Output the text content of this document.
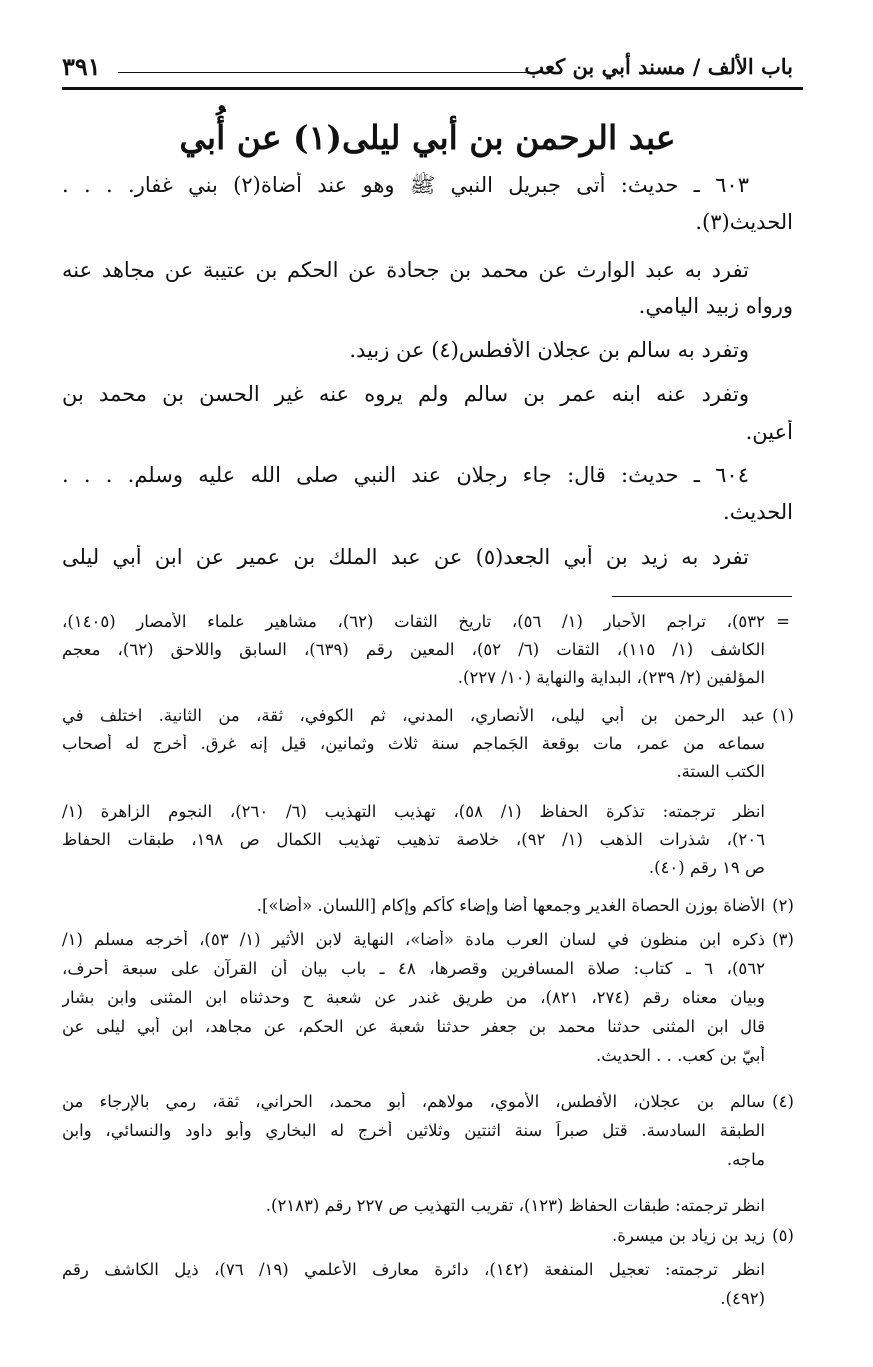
باب الألف / مسند أبي بن كعب
٣٩١
عبد الرحمن بن أبي ليلى(١) عن أُبي
٦٠٣ ـ حديث: أتى جبريل النبي ﷺ وهو عند أضاة(٢) بني غفار. . . .
الحديث(٣).
تفرد به عبد الوارث عن محمد بن جحادة عن الحكم بن عتيبة عن مجاهد عنه
ورواه زبيد اليامي.
وتفرد به سالم بن عجلان الأفطس(٤) عن زبيد.
وتفرد عنه ابنه عمر بن سالم ولم يروه عنه غير الحسن بن محمد بن
أعين.
٦٠٤ ـ حديث: قال: جاء رجلان عند النبي صلى الله عليه وسلم. . . .
الحديث.
تفرد به زيد بن أبي الجعد(٥) عن عبد الملك بن عمير عن ابن أبي ليلى
=
٥٣٢)، تراجم الأحبار (١/ ٥٦)، تاريخ الثقات (٦٢)، مشاهير علماء الأمصار (١٤٠٥)،
الكاشف (١/ ١١٥)، الثقات (٦/ ٥٢)، المعين رقم (٦٣٩)، السابق واللاحق (٦٢)، معجم
المؤلفين (٢/ ٢٣٩)، البداية والنهاية (١٠/ ٢٢٧).
(١)
عبد الرحمن بن أبي ليلى، الأنصاري، المدني، ثم الكوفي، ثقة، من الثانية. اختلف في
سماعه من عمر، مات بوقعة الجَماجم سنة ثلاث وثمانين، قيل إنه غرق. أخرج له أصحاب
الكتب الستة.
انظر ترجمته: تذكرة الحفاظ (١/ ٥٨)، تهذيب التهذيب (٦/ ٢٦٠)، النجوم الزاهرة (١/
٢٠٦)، شذرات الذهب (١/ ٩٢)، خلاصة تذهيب تهذيب الكمال ص ١٩٨، طبقات الحفاظ
ص ١٩ رقم (٤٠).
(٢)
الأضاة بوزن الحصاة الغدير وجمعها أضا وإضاء كأكم وإكام [اللسان. «أضا»].
(٣)
ذكره ابن منظون في لسان العرب مادة «أضا»، النهاية لابن الأثير (١/ ٥٣)، أخرجه مسلم (١/
٥٦٢)، ٦ ـ كتاب: صلاة المسافرين وقصرها، ٤٨ ـ باب بيان أن القرآن على سبعة أحرف،
وبيان معناه رقم (٢٧٤، ٨٢١)، من طريق غندر عن شعبة ح وحدثناه ابن المثنى وابن بشار
قال ابن المثنى حدثنا محمد بن جعفر حدثنا شعبة عن الحكم، عن مجاهد، ابن أبي ليلى عن
أُبيّ بن كعب. . . الحديث.
(٤)
سالم بن عجلان، الأفطس، الأموي، مولاهم، أبو محمد، الحراني، ثقة، رمي بالإرجاء من
الطبقة السادسة. قتل صبراً سنة اثنتين وثلاثين أخرج له البخاري وأبو داود والنسائي، وابن
ماجه.
انظر ترجمته: طبقات الحفاظ (١٢٣)، تقريب التهذيب ص ٢٢٧ رقم (٢١٨٣).
(٥)
زيد بن زياد بن ميسرة.
انظر ترجمته: تعجيل المنفعة (١٤٢)، دائرة معارف الأعلمي (١٩/ ٧٦)، ذيل الكاشف رقم
(٤٩٢).
